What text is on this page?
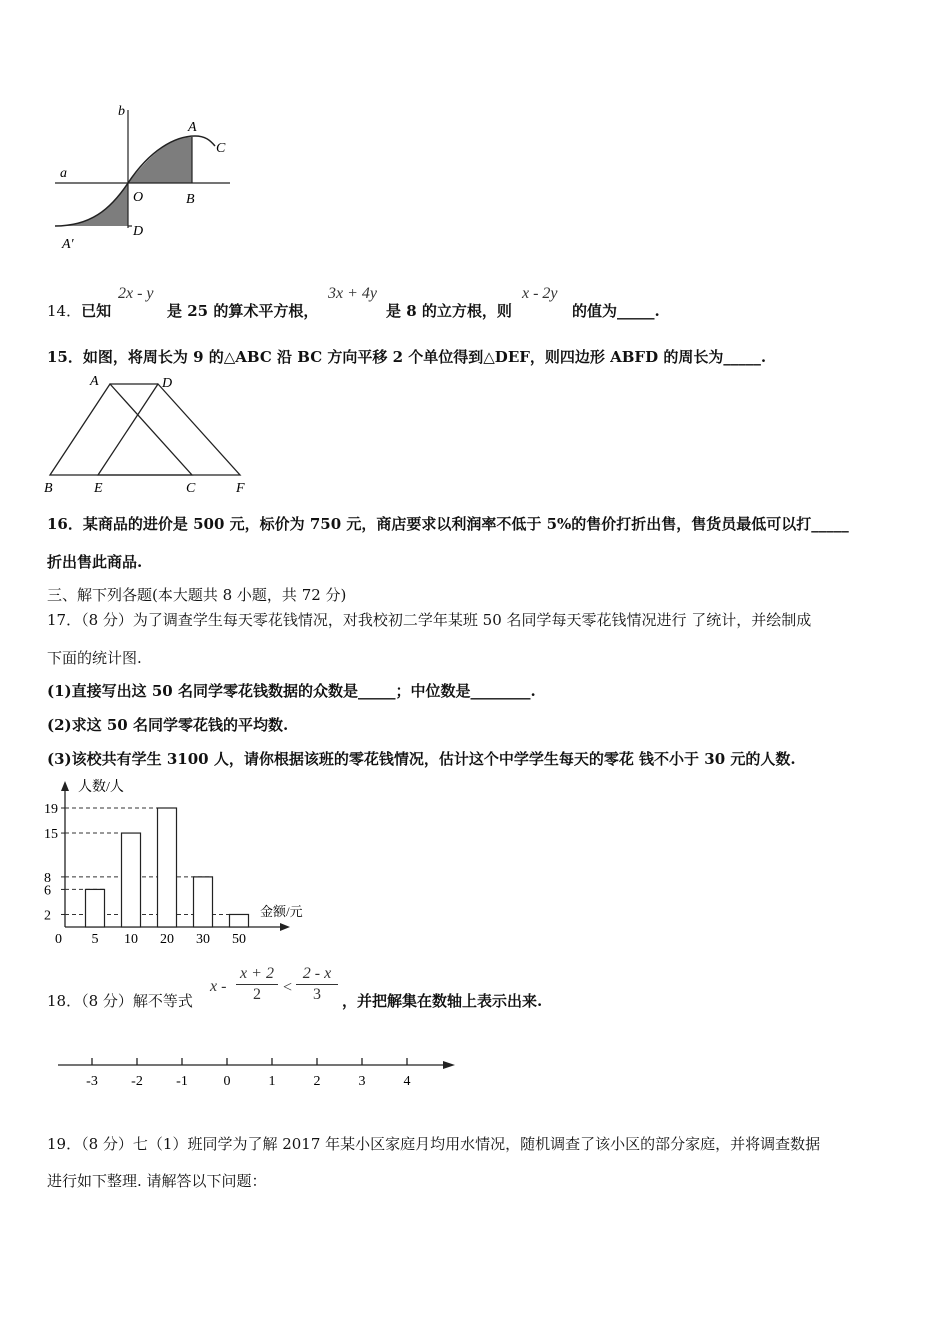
b
a
A
C
O	B
D
A′
14．已知
2x - y
是 25 的算术平方根，
3x + 4y
是 8 的立方根，则
x - 2y
的值为_____.
15．如图，将周长为 9 的△ABC 沿 BC 方向平移 2 个单位得到△DEF，则四边形 ABFD 的周长为_____.
A	D
B	E	C	F
16．某商品的进价是 500 元，标价为 750 元，商店要求以利润率不低于 5%的售价打折出售，售货员最低可以打_____
折出售此商品.
三、解下列各题(本大题共 8 小题，共 72 分)
17．（8 分）为了调查学生每天零花钱情况，对我校初二学年某班 50 名同学每天零花钱情况进行 了统计，并绘制成
下面的统计图.
(1)直接写出这 50 名同学零花钱数据的众数是_____；中位数是________.
(2)求这 50 名同学零花钱的平均数.
(3)该校共有学生 3100 人，请你根据该班的零花钱情况，估计这个中学学生每天的零花 钱不小于 30 元的人数.
人数/人
金额/元
0
19
15
8
6
2
5 10 20 30 50
18．（8 分）解不等式
x -
x + 2
2	<
2 - x
3	，并把解集在数轴上表示出来.
-3 -2 -1	0	1	2	3	4
19．（8 分）七（1）班同学为了解 2017 年某小区家庭月均用水情况，随机调查了该小区的部分家庭，并将调查数据
进行如下整理. 请解答以下问题：
